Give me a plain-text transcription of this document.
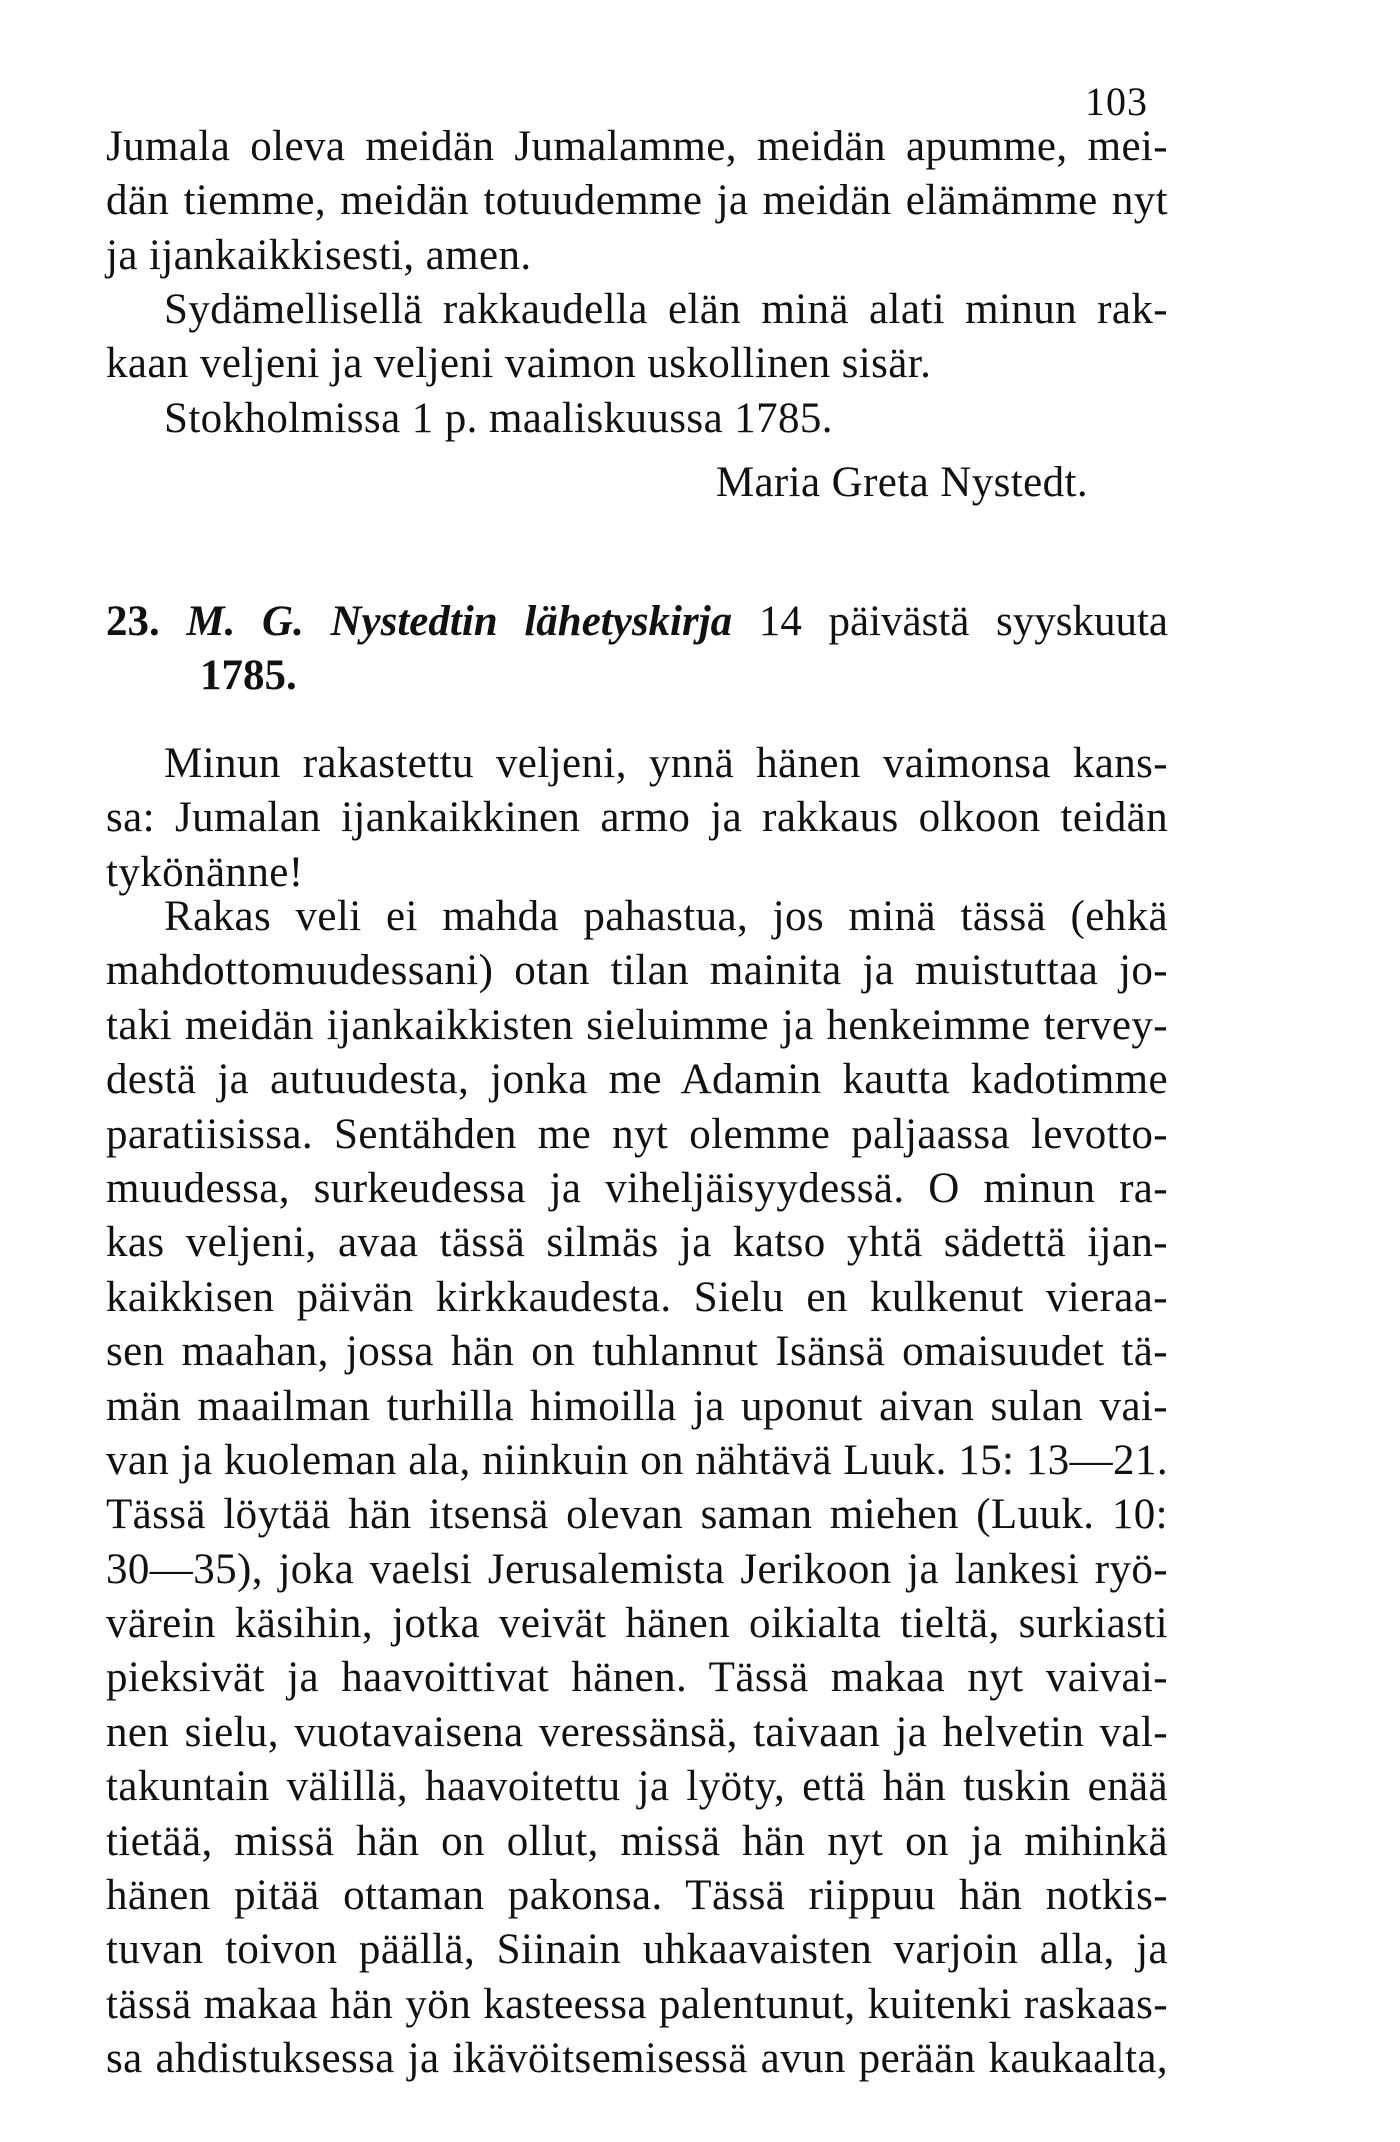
103
Jumala oleva meidän Jumalamme, meidän apumme, mei-
dän tiemme, meidän totuudemme ja meidän elämämme nyt
ja ijankaikkisesti, amen.
Sydämellisellä rakkaudella elän minä alati minun rak-
kaan veljeni ja veljeni vaimon uskollinen sisär.
Stokholmissa 1 p. maaliskuussa 1785.
Maria Greta Nystedt.
23. M. G. Nystedtin lähetyskirja 14 päivästä syyskuuta
1785.
Minun rakastettu veljeni, ynnä hänen vaimonsa kans-
sa: Jumalan ijankaikkinen armo ja rakkaus olkoon teidän
tykönänne!
Rakas veli ei mahda pahastua, jos minä tässä (ehkä
mahdottomuudessani) otan tilan mainita ja muistuttaa jo-
taki meidän ijankaikkisten sieluimme ja henkeimme tervey-
destä ja autuudesta, jonka me Adamin kautta kadotimme
paratiisissa. Sentähden me nyt olemme paljaassa levotto-
muudessa, surkeudessa ja viheljäisyydessä. O minun ra-
kas veljeni, avaa tässä silmäs ja katso yhtä sädettä ijan-
kaikkisen päivän kirkkaudesta. Sielu en kulkenut vieraa-
sen maahan, jossa hän on tuhlannut Isänsä omaisuudet tä-
män maailman turhilla himoilla ja uponut aivan sulan vai-
van ja kuoleman ala, niinkuin on nähtävä Luuk. 15: 13—21.
Tässä löytää hän itsensä olevan saman miehen (Luuk. 10:
30—35), joka vaelsi Jerusalemista Jerikoon ja lankesi ryö-
värein käsihin, jotka veivät hänen oikialta tieltä, surkiasti
pieksivät ja haavoittivat hänen. Tässä makaa nyt vaivai-
nen sielu, vuotavaisena veressänsä, taivaan ja helvetin val-
takuntain välillä, haavoitettu ja lyöty, että hän tuskin enää
tietää, missä hän on ollut, missä hän nyt on ja mihinkä
hänen pitää ottaman pakonsa. Tässä riippuu hän notkis-
tuvan toivon päällä, Siinain uhkaavaisten varjoin alla, ja
tässä makaa hän yön kasteessa palentunut, kuitenki raskaas-
sa ahdistuksessa ja ikävöitsemisessä avun perään kaukaalta,
